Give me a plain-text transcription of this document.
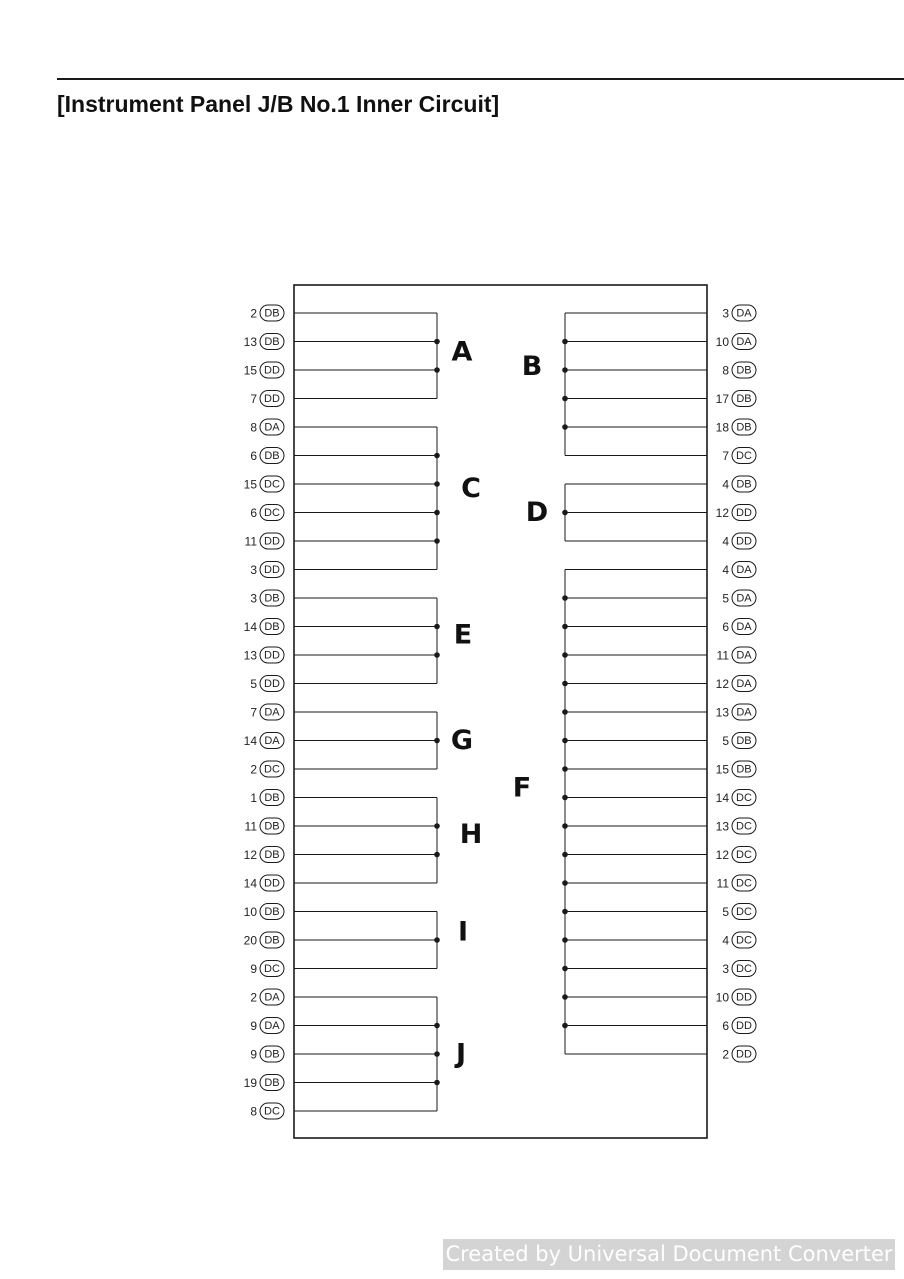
[Instrument Panel J/B No.1 Inner Circuit]
DB
2
DB
13
DD
15
DD
7
DA
8
DB
6
DC
15
DC
6
DD
11
DD
3
DB
3
DB
14
DD
13
DD
5
DA
7
DA
14
DC
2
DB
1
DB
11
DB
12
DD
14
DB
10
DB
20
DC
9
DA
2
DA
9
DB
9
DB
19
DC
8
DA
3
DA
10
DB
8
DB
17
DB
18
DC
7
DB
4
DD
12
DD
4
DA
4
DA
5
DA
6
DA
11
DA
12
DA
13
DB
5
DB
15
DC
14
DC
13
DC
12
DC
11
DC
5
DC
4
DC
3
DD
10
DD
6
DD
2
A
C
E
G
H
I
J
B
D
F
Created by Universal Document Converter
